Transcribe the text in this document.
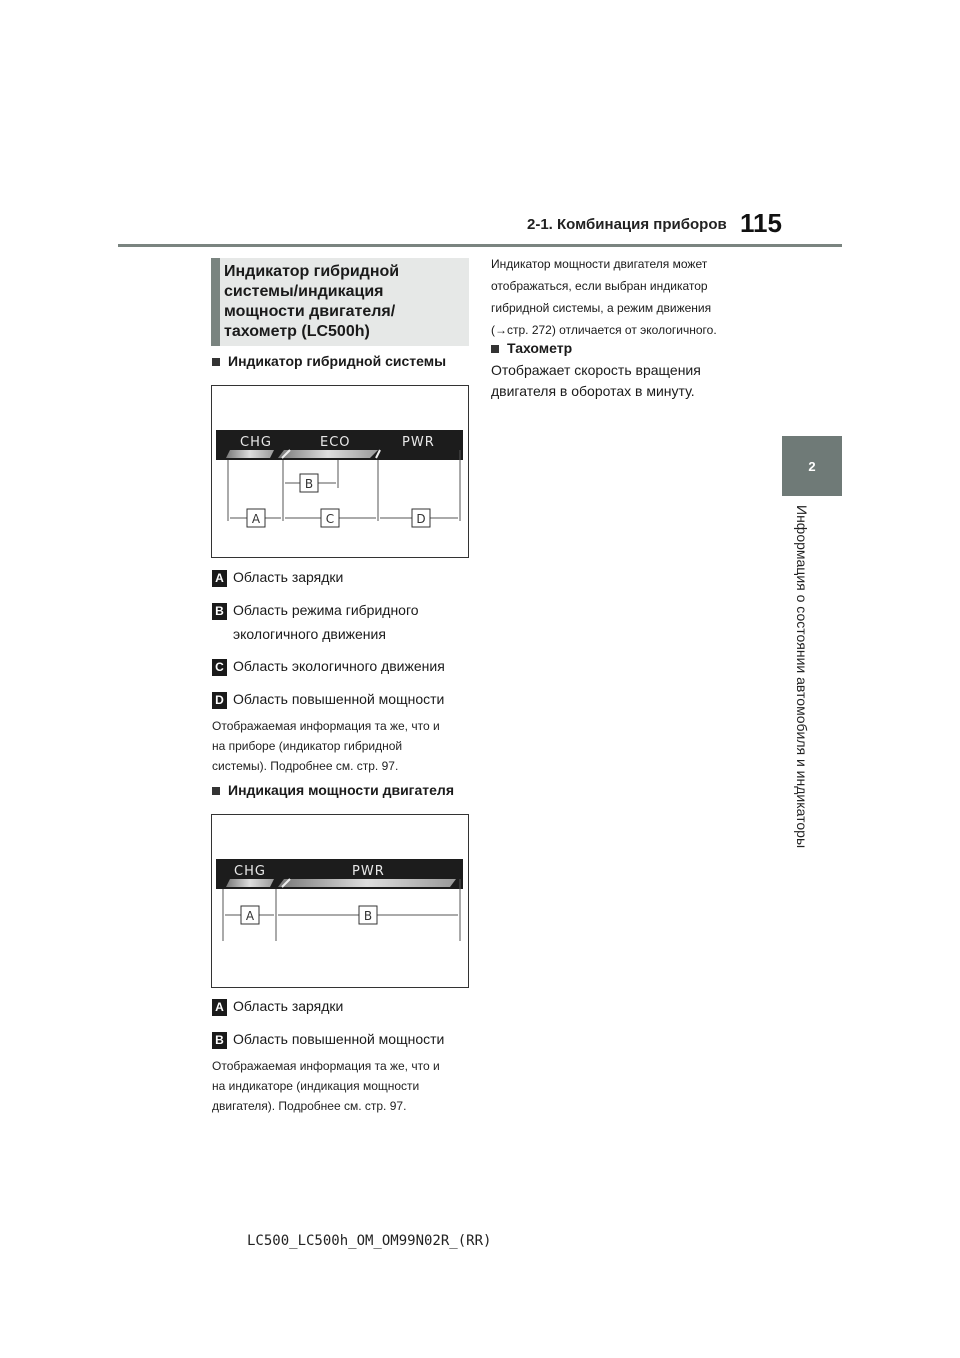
2-1. Комбинация приборов 115
2
Информация о состоянии автомобиля и индикаторы
Индикатор гибридной
системы/индикация
мощности двигателя/
тахометр (LC500h)
Индикатор гибридной системы
CHG	ECO	PWR
B
A	C	D
A Область зарядки
B Область режима гибридного
экологичного движения
C Область экологичного движения
D Область повышенной мощности
Отображаемая информация та же, что и
на приборе (индикатор гибридной
системы). Подробнее см. стр. 97.
Индикация мощности двигателя
CHG	PWR
A	B
A Область зарядки
B Область повышенной мощности
Отображаемая информация та же, что и
на индикаторе (индикация мощности
двигателя). Подробнее см. стр. 97.
Индикатор мощности двигателя может
отображаться, если выбран индикатор
гибридной системы, а режим движения
(→стр. 272) отличается от экологичного.
Тахометр
Отображает скорость вращения
двигателя в оборотах в минуту.
LC500_LC500h_OM_OM99N02R_(RR)
